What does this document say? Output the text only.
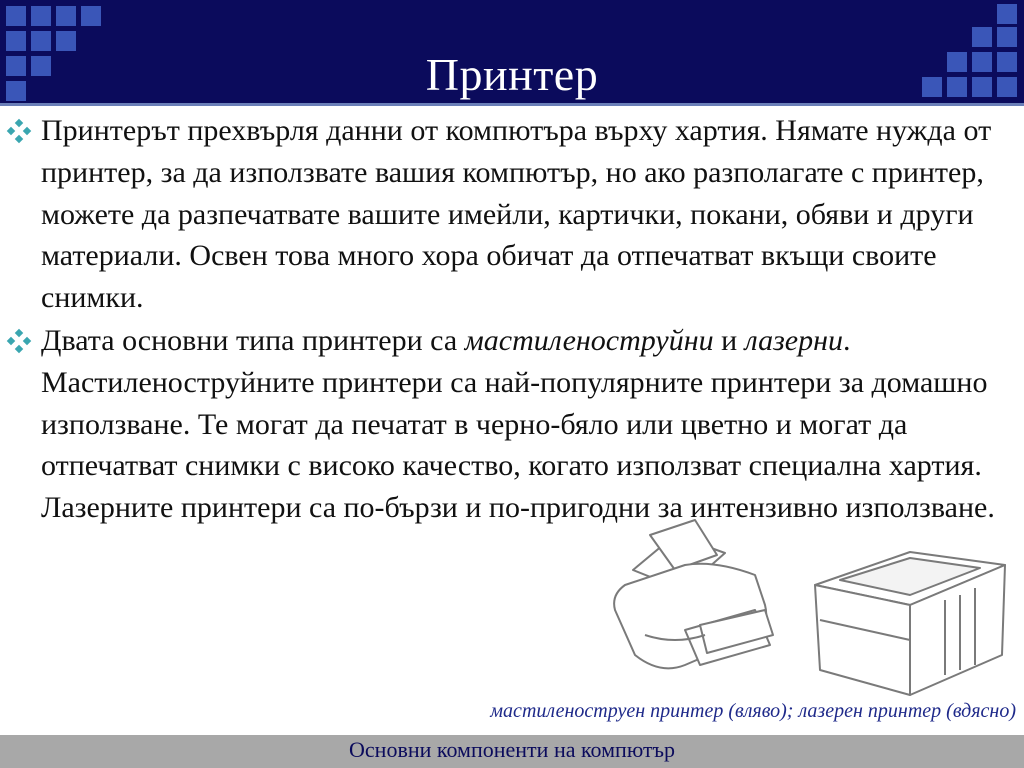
Принтер
Принтерът прехвърля данни от компютъра върху хартия. Нямате нужда от принтер, за да използвате вашия компютър, но ако разполагате с принтер, можете да разпечатвате вашите имейли, картички, покани, обяви и други материали. Освен това много хора обичат да отпечатват вкъщи своите снимки.
Двата основни типа принтери са мастиленоструйни и лазерни. Мастиленоструйните принтери са най-популярните принтери за домашно използване. Те могат да печатат в черно-бяло или цветно и могат да отпечатват снимки с високо качество, когато използват специална хартия. Лазерните принтери са по-бързи и по-пригодни за интензивно използване.
мастиленоструен принтер (вляво); лазерен принтер (вдясно)
Основни компоненти на компютър
